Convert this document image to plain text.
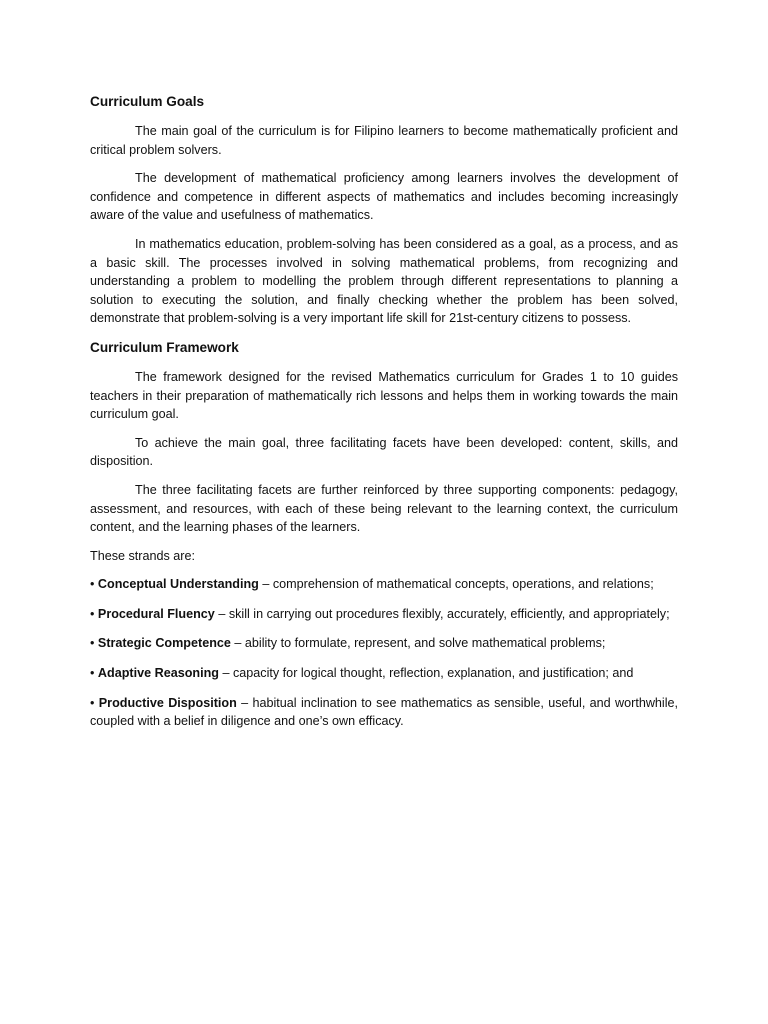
Curriculum Goals

The main goal of the curriculum is for Filipino learners to become mathematically proficient and critical problem solvers.

The development of mathematical proficiency among learners involves the development of confidence and competence in different aspects of mathematics and includes becoming increasingly aware of the value and usefulness of mathematics.

In mathematics education, problem-solving has been considered as a goal, as a process, and as a basic skill. The processes involved in solving mathematical problems, from recognizing and understanding a problem to modelling the problem through different representations to planning a solution to executing the solution, and finally checking whether the problem has been solved, demonstrate that problem-solving is a very important life skill for 21st-century citizens to possess.

Curriculum Framework

The framework designed for the revised Mathematics curriculum for Grades 1 to 10 guides teachers in their preparation of mathematically rich lessons and helps them in working towards the main curriculum goal.

To achieve the main goal, three facilitating facets have been developed: content, skills, and disposition.

The three facilitating facets are further reinforced by three supporting components: pedagogy, assessment, and resources, with each of these being relevant to the learning context, the curriculum content, and the learning phases of the learners.

These strands are:

• Conceptual Understanding – comprehension of mathematical concepts, operations, and relations;

• Procedural Fluency – skill in carrying out procedures flexibly, accurately, efficiently, and appropriately;

• Strategic Competence – ability to formulate, represent, and solve mathematical problems;

• Adaptive Reasoning – capacity for logical thought, reflection, explanation, and justification; and

• Productive Disposition – habitual inclination to see mathematics as sensible, useful, and worthwhile, coupled with a belief in diligence and one’s own efficacy.
